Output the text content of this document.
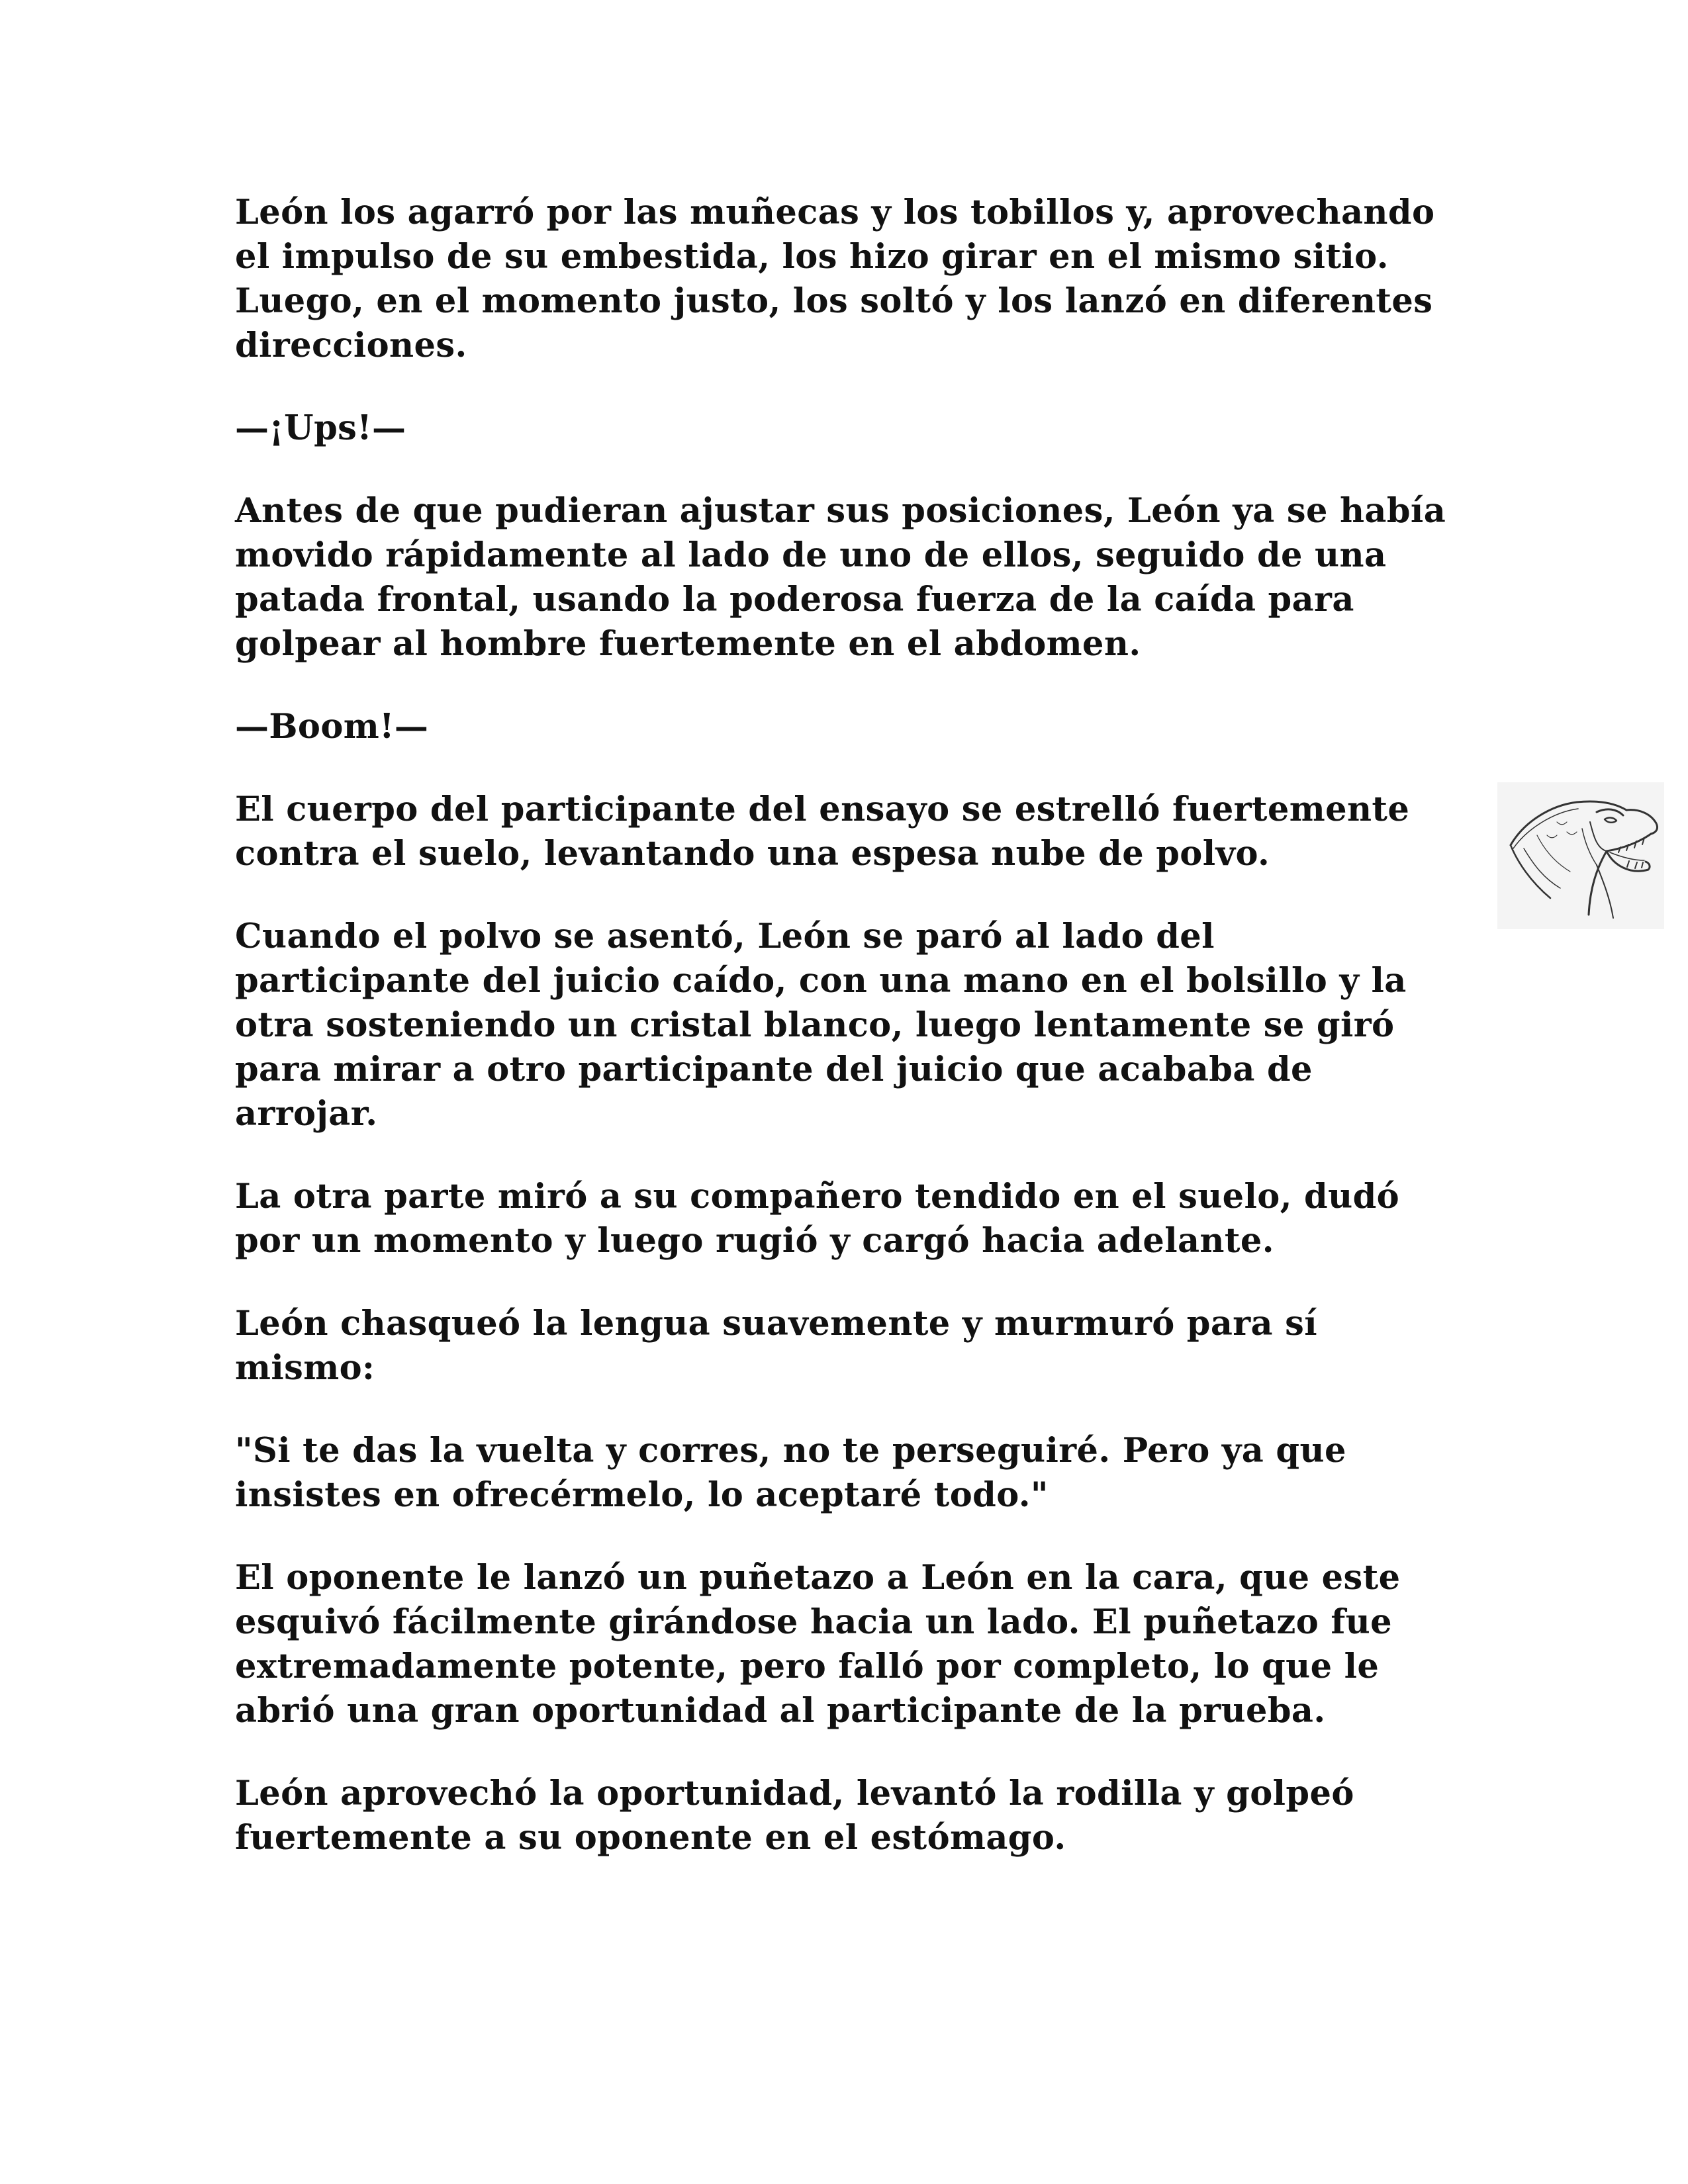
León los agarró por las muñecas y los tobillos y, aprovechando
el impulso de su embestida, los hizo girar en el mismo sitio.
Luego, en el momento justo, los soltó y los lanzó en diferentes
direcciones.

—¡Ups!—

Antes de que pudieran ajustar sus posiciones, León ya se había
movido rápidamente al lado de uno de ellos, seguido de una
patada frontal, usando la poderosa fuerza de la caída para
golpear al hombre fuertemente en el abdomen.

—Boom!—

El cuerpo del participante del ensayo se estrelló fuertemente
contra el suelo, levantando una espesa nube de polvo.

Cuando el polvo se asentó, León se paró al lado del
participante del juicio caído, con una mano en el bolsillo y la
otra sosteniendo un cristal blanco, luego lentamente se giró
para mirar a otro participante del juicio que acababa de
arrojar.

La otra parte miró a su compañero tendido en el suelo, dudó
por un momento y luego rugió y cargó hacia adelante.

León chasqueó la lengua suavemente y murmuró para sí
mismo:

"Si te das la vuelta y corres, no te perseguiré. Pero ya que
insistes en ofrecérmelo, lo aceptaré todo."

El oponente le lanzó un puñetazo a León en la cara, que este
esquivó fácilmente girándose hacia un lado. El puñetazo fue
extremadamente potente, pero falló por completo, lo que le
abrió una gran oportunidad al participante de la prueba.

León aprovechó la oportunidad, levantó la rodilla y golpeó
fuertemente a su oponente en el estómago.
